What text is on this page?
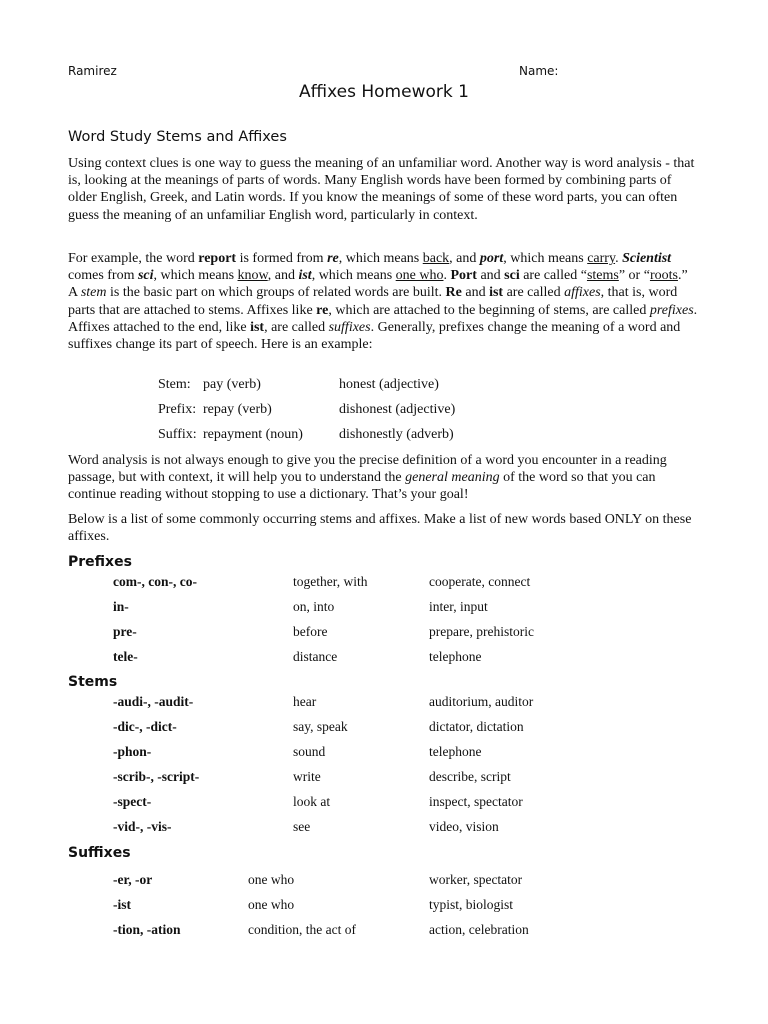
Ramirez	Name:
Affixes Homework 1
Word Study Stems and Affixes
Using context clues is one way to guess the meaning of an unfamiliar word. Another way is word analysis - that is, looking at the meanings of parts of words. Many English words have been formed by combining parts of older English, Greek, and Latin words. If you know the meanings of some of these word parts, you can often guess the meaning of an unfamiliar English word, particularly in context.
For example, the word report is formed from re, which means back, and port, which means carry. Scientist comes from sci, which means know, and ist, which means one who. Port and sci are called “stems” or “roots.” A stem is the basic part on which groups of related words are built. Re and ist are called affixes, that is, word parts that are attached to stems. Affixes like re, which are attached to the beginning of stems, are called prefixes. Affixes attached to the end, like ist, are called suffixes. Generally, prefixes change the meaning of a word and suffixes change its part of speech. Here is an example:
Stem: pay (verb)	honest (adjective)
Prefix: repay (verb)	dishonest (adjective)
Suffix: repayment (noun)	dishonestly (adverb)
Word analysis is not always enough to give you the precise definition of a word you encounter in a reading passage, but with context, it will help you to understand the general meaning of the word so that you can continue reading without stopping to use a dictionary. That’s your goal!
Below is a list of some commonly occurring stems and affixes. Make a list of new words based ONLY on these affixes.
Prefixes
com-, con-, co-	together, with	cooperate, connect
in-	on, into	inter, input
pre-	before	prepare, prehistoric
tele-	distance	telephone
Stems
-audi-, -audit-	hear	auditorium, auditor
-dic-, -dict-	say, speak	dictator, dictation
-phon-	sound	telephone
-scrib-, -script-	write	describe, script
-spect-	look at	inspect, spectator
-vid-, -vis-	see	video, vision
Suffixes
-er, -or	one who	worker, spectator
-ist	one who	typist, biologist
-tion, -ation	condition, the act of	action, celebration
